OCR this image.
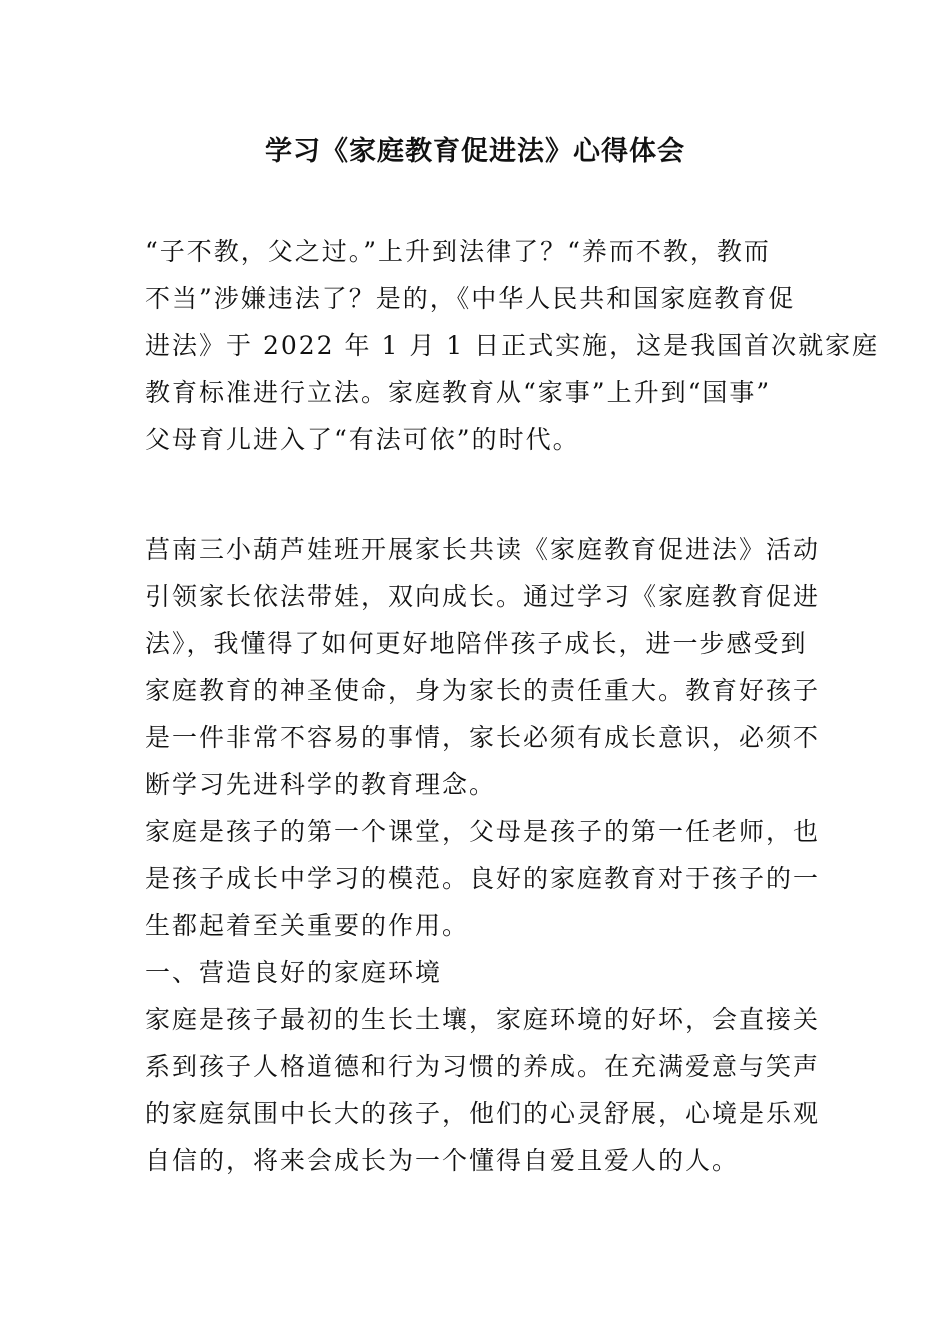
学习《家庭教育促进法》心得体会
“子不教，父之过。”上升到法律了？“养而不教，教而
不当”涉嫌违法了？是的，《中华人民共和国家庭教育促
进法》于 2022 年 1 月 1 日正式实施，这是我国首次就家庭
教育标准进行立法。家庭教育从“家事”上升到“国事”
父母育儿进入了“有法可依”的时代。
莒南三小葫芦娃班开展家长共读《家庭教育促进法》活动
引领家长依法带娃，双向成长。通过学习《家庭教育促进
法》，我懂得了如何更好地陪伴孩子成长，进一步感受到
家庭教育的神圣使命，身为家长的责任重大。教育好孩子
是一件非常不容易的事情，家长必须有成长意识，必须不
断学习先进科学的教育理念。
家庭是孩子的第一个课堂，父母是孩子的第一任老师，也
是孩子成长中学习的模范。良好的家庭教育对于孩子的一
生都起着至关重要的作用。
一、营造良好的家庭环境
家庭是孩子最初的生长土壤，家庭环境的好坏，会直接关
系到孩子人格道德和行为习惯的养成。在充满爱意与笑声
的家庭氛围中长大的孩子，他们的心灵舒展，心境是乐观
自信的，将来会成长为一个懂得自爱且爱人的人。
